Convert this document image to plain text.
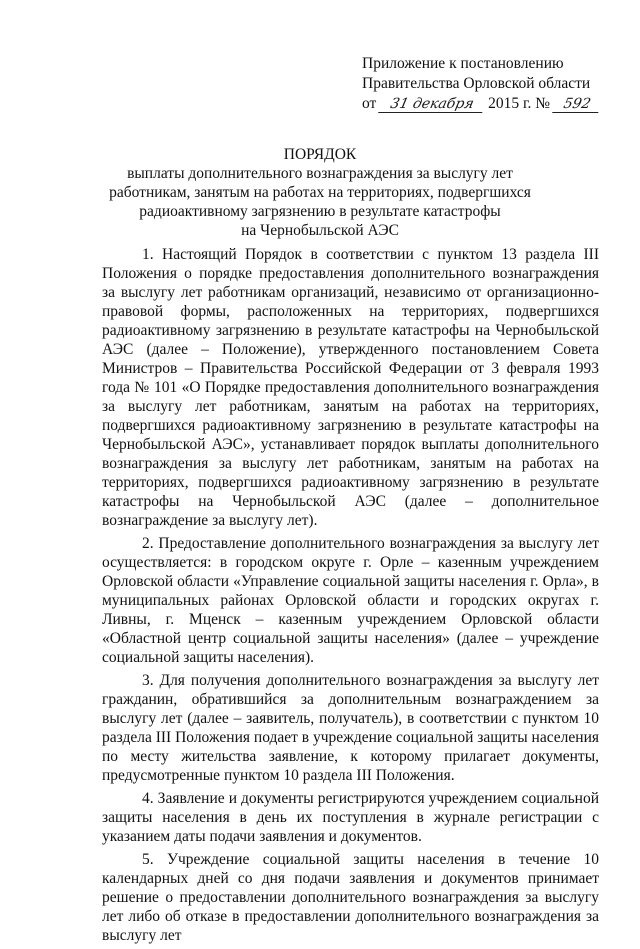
Приложение к постановлению
Правительства Орловской области
от 31 декабря 2015 г. № 592
ПОРЯДОК
выплаты дополнительного вознаграждения за выслугу лет
работникам, занятым на работах на территориях, подвергшихся
радиоактивному загрязнению в результате катастрофы
на Чернобыльской АЭС

1. Настоящий Порядок в соответствии с пунктом 13 раздела III Положения о порядке предоставления дополнительного вознаграждения за выслугу лет работникам организаций, независимо от организационно-правовой формы, расположенных на территориях, подвергшихся радиоактивному загрязнению в результате катастрофы на Чернобыльской АЭС (далее – Положение), утвержденного постановлением Совета Министров – Правительства Российской Федерации от 3 февраля 1993 года № 101 «О Порядке предоставления дополнительного вознаграждения за выслугу лет работникам, занятым на работах на территориях, подвергшихся радиоактивному загрязнению в результате катастрофы на Чернобыльской АЭС», устанавливает порядок выплаты дополнительного вознаграждения за выслугу лет работникам, занятым на работах на территориях, подвергшихся радиоактивному загрязнению в результате катастрофы на Чернобыльской АЭС (далее – дополнительное вознаграждение за выслугу лет).

2. Предоставление дополнительного вознаграждения за выслугу лет осуществляется: в городском округе г. Орле – казенным учреждением Орловской области «Управление социальной защиты населения г. Орла», в муниципальных районах Орловской области и городских округах г. Ливны, г. Мценск – казенным учреждением Орловской области «Областной центр социальной защиты населения» (далее – учреждение социальной защиты населения).

3. Для получения дополнительного вознаграждения за выслугу лет гражданин, обратившийся за дополнительным вознаграждением за выслугу лет (далее – заявитель, получатель), в соответствии с пунктом 10 раздела III Положения подает в учреждение социальной защиты населения по месту жительства заявление, к которому прилагает документы, предусмотренные пунктом 10 раздела III Положения.

4. Заявление и документы регистрируются учреждением социальной защиты населения в день их поступления в журнале регистрации с указанием даты подачи заявления и документов.

5. Учреждение социальной защиты населения в течение 10 календарных дней со дня подачи заявления и документов принимает решение о предоставлении дополнительного вознаграждения за выслугу лет либо об отказе в предоставлении дополнительного вознаграждения за выслугу лет
